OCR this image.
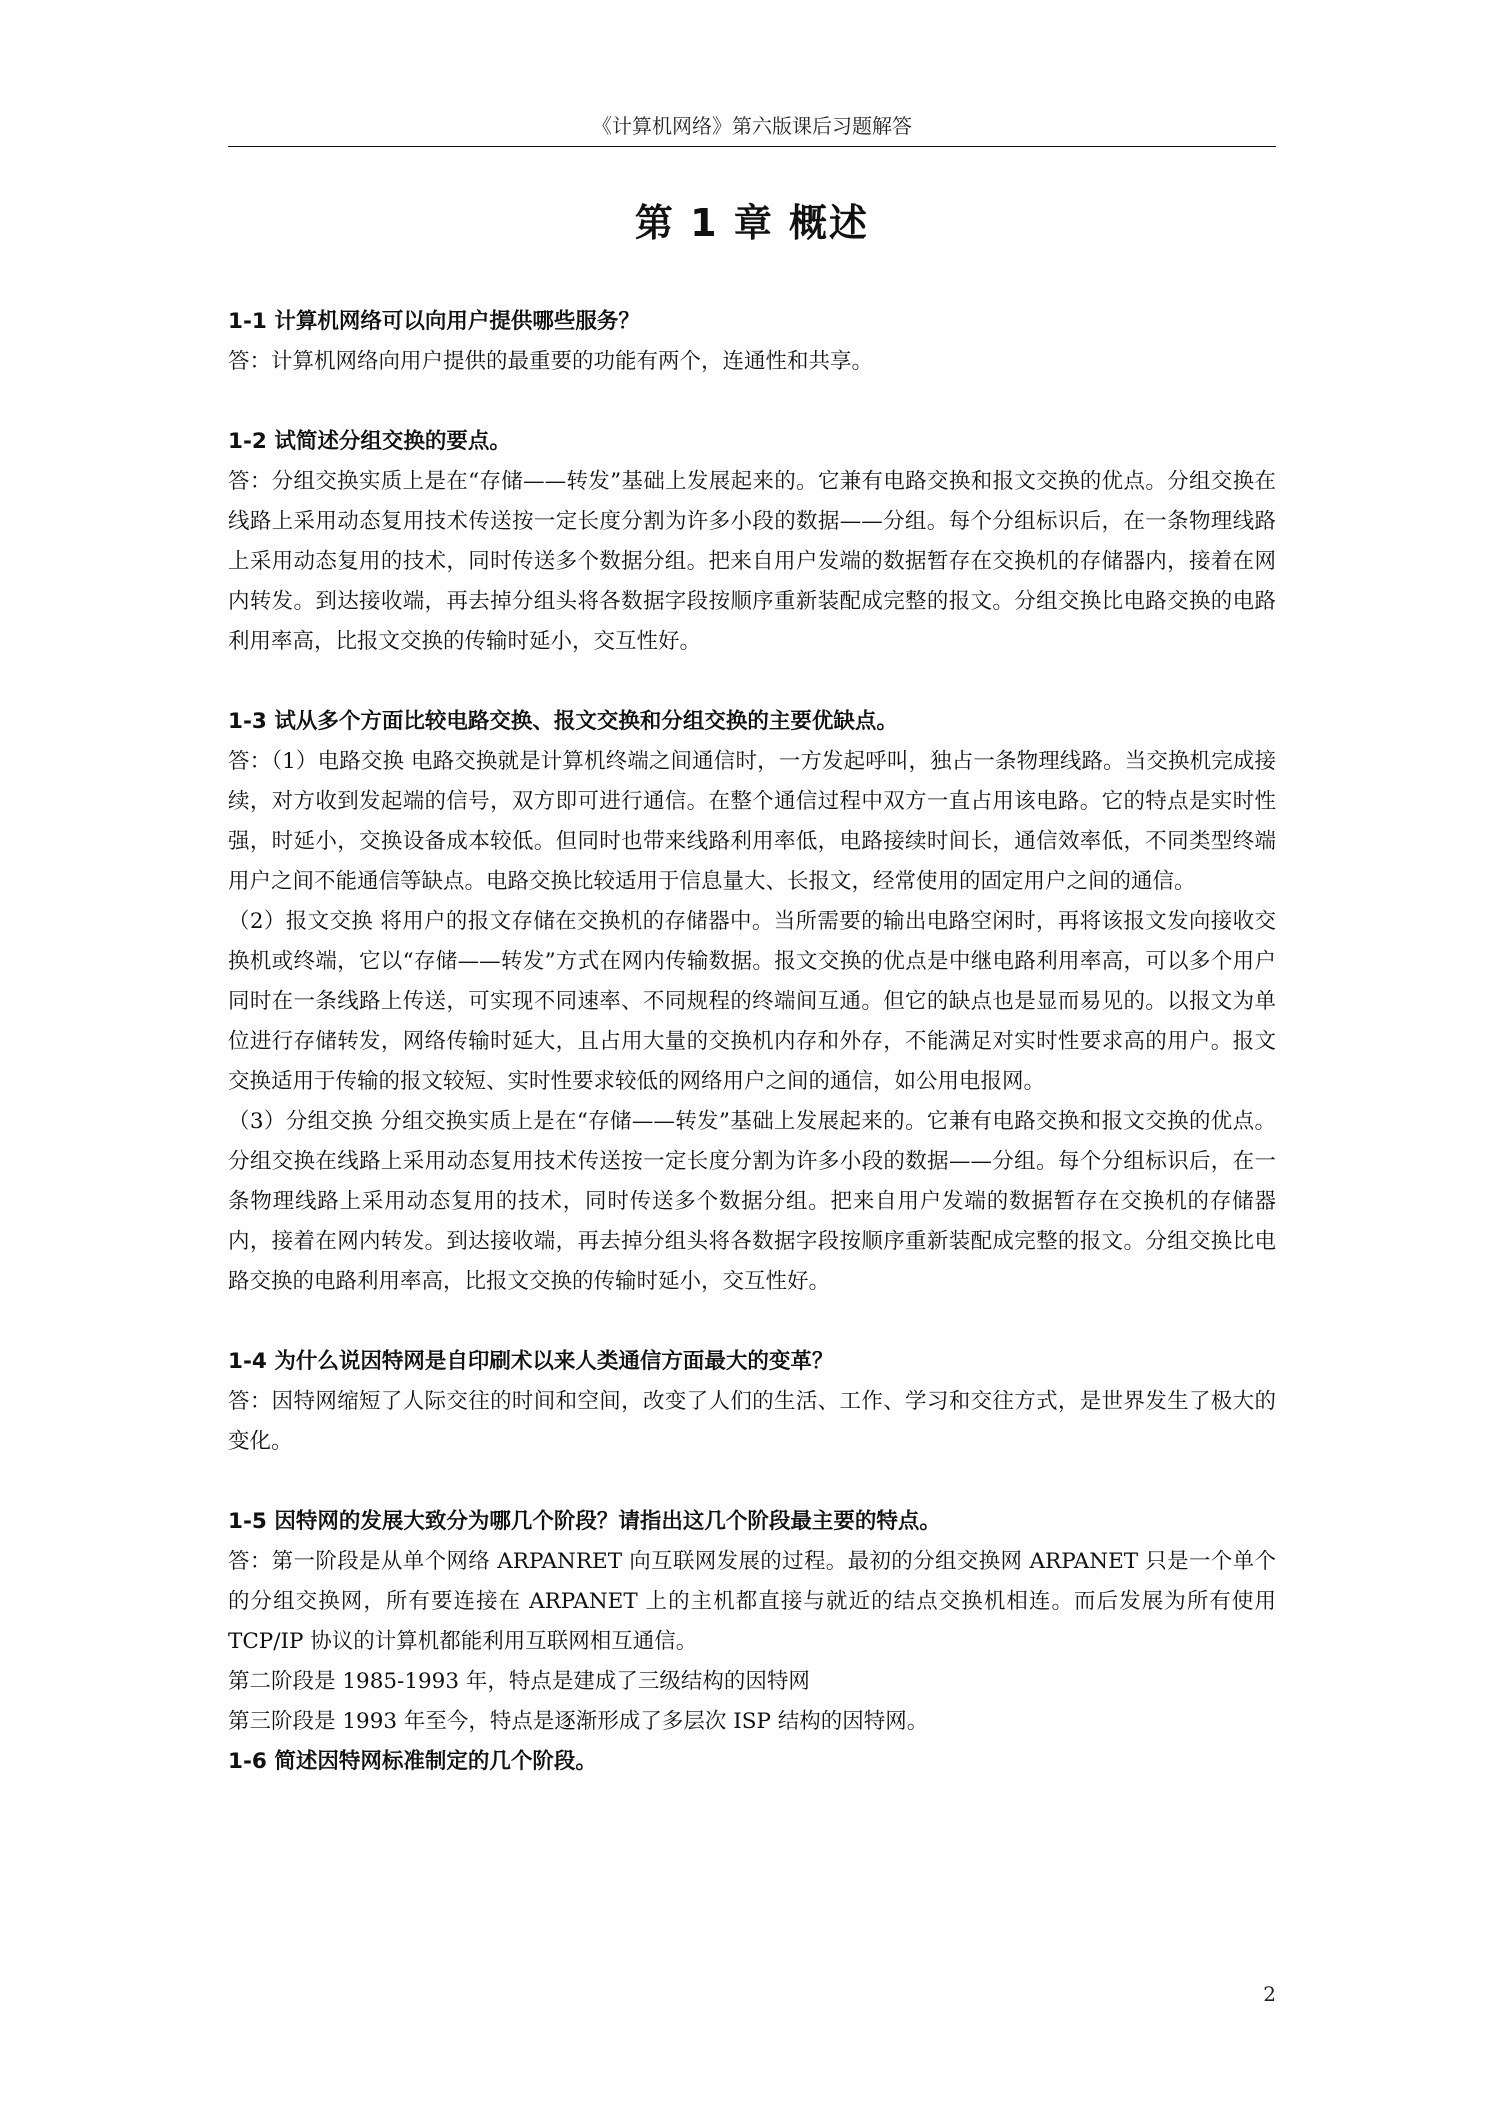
《计算机网络》第六版课后习题解答
第 1 章 概述

1-1 计算机网络可以向用户提供哪些服务？

答：计算机网络向用户提供的最重要的功能有两个，连通性和共享。

1-2 试简述分组交换的要点。

答：分组交换实质上是在“存储——转发”基础上发展起来的。它兼有电路交换和报文交换的优点。分组交换在线路上采用动态复用技术传送按一定长度分割为许多小段的数据——分组。每个分组标识后，在一条物理线路上采用动态复用的技术，同时传送多个数据分组。把来自用户发端的数据暂存在交换机的存储器内，接着在网内转发。到达接收端，再去掉分组头将各数据字段按顺序重新装配成完整的报文。分组交换比电路交换的电路利用率高，比报文交换的传输时延小，交互性好。

1-3 试从多个方面比较电路交换、报文交换和分组交换的主要优缺点。

答：（1）电路交换 电路交换就是计算机终端之间通信时，一方发起呼叫，独占一条物理线路。当交换机完成接续，对方收到发起端的信号，双方即可进行通信。在整个通信过程中双方一直占用该电路。它的特点是实时性强，时延小，交换设备成本较低。但同时也带来线路利用率低，电路接续时间长，通信效率低，不同类型终端用户之间不能通信等缺点。电路交换比较适用于信息量大、长报文，经常使用的固定用户之间的通信。

（2）报文交换 将用户的报文存储在交换机的存储器中。当所需要的输出电路空闲时，再将该报文发向接收交换机或终端，它以“存储——转发”方式在网内传输数据。报文交换的优点是中继电路利用率高，可以多个用户同时在一条线路上传送，可实现不同速率、不同规程的终端间互通。但它的缺点也是显而易见的。以报文为单位进行存储转发，网络传输时延大，且占用大量的交换机内存和外存，不能满足对实时性要求高的用户。报文交换适用于传输的报文较短、实时性要求较低的网络用户之间的通信，如公用电报网。

（3）分组交换 分组交换实质上是在“存储——转发”基础上发展起来的。它兼有电路交换和报文交换的优点。分组交换在线路上采用动态复用技术传送按一定长度分割为许多小段的数据——分组。每个分组标识后，在一条物理线路上采用动态复用的技术，同时传送多个数据分组。把来自用户发端的数据暂存在交换机的存储器内，接着在网内转发。到达接收端，再去掉分组头将各数据字段按顺序重新装配成完整的报文。分组交换比电路交换的电路利用率高，比报文交换的传输时延小，交互性好。

1-4 为什么说因特网是自印刷术以来人类通信方面最大的变革？

答：因特网缩短了人际交往的时间和空间，改变了人们的生活、工作、学习和交往方式，是世界发生了极大的变化。

1-5 因特网的发展大致分为哪几个阶段？请指出这几个阶段最主要的特点。

答：第一阶段是从单个网络 ARPANRET 向互联网发展的过程。最初的分组交换网 ARPANET 只是一个单个的分组交换网，所有要连接在 ARPANET 上的主机都直接与就近的结点交换机相连。而后发展为所有使用 TCP/IP 协议的计算机都能利用互联网相互通信。

第二阶段是 1985-1993 年，特点是建成了三级结构的因特网

第三阶段是 1993 年至今，特点是逐渐形成了多层次 ISP 结构的因特网。

1-6 简述因特网标准制定的几个阶段。

2
